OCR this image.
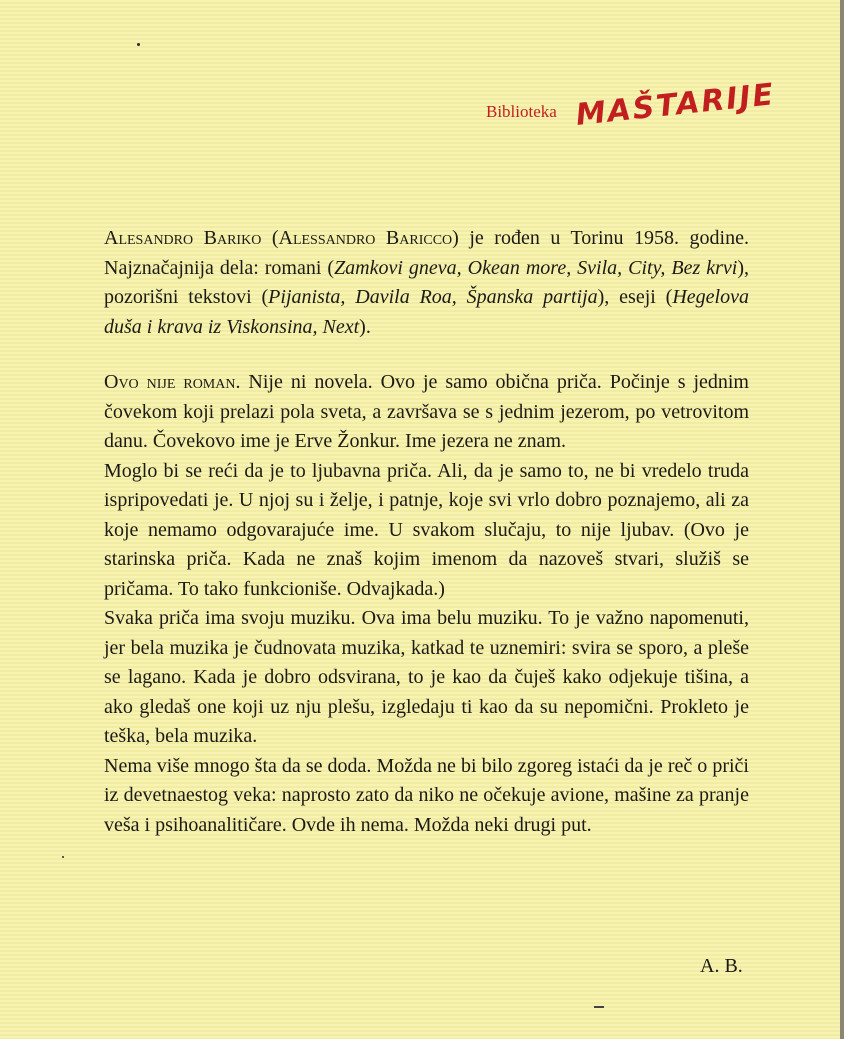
Biblioteka MAŠTARIJE

Alesandro Bariko (Alessandro Baricco) je rođen u Torinu 1958. godine. Najznačajnija dela: romani (Zamkovi gneva, Okean more, Svila, City, Bez krvi), pozorišni tekstovi (Pijanista, Davila Roa, Španska partija), eseji (Hegelova duša i krava iz Viskonsina, Next).

Ovo nije roman. Nije ni novela. Ovo je samo obična priča. Počinje s jednim čovekom koji prelazi pola sveta, a završava se s jednim jezerom, po vetrovitom danu. Čovekovo ime je Erve Žonkur. Ime jezera ne znam.

Moglo bi se reći da je to ljubavna priča. Ali, da je samo to, ne bi vredelo truda ispripovedati je. U njoj su i želje, i patnje, koje svi vrlo dobro poznajemo, ali za koje nemamo odgovarajuće ime. U svakom slučaju, to nije ljubav. (Ovo je starinska priča. Kada ne znaš kojim imenom da nazoveš stvari, služiš se pričama. To tako funkcioniše. Odvajkada.)

Svaka priča ima svoju muziku. Ova ima belu muziku. To je važno napomenuti, jer bela muzika je čudnovata muzika, katkad te uznemiri: svira se sporo, a pleše se lagano. Kada je dobro odsvirana, to je kao da čuješ kako odjekuje tišina, a ako gledaš one koji uz nju plešu, izgledaju ti kao da su nepomični. Prokleto je teška, bela muzika.

Nema više mnogo šta da se doda. Možda ne bi bilo zgoreg istaći da je reč o priči iz devetnaestog veka: naprosto zato da niko ne očekuje avione, mašine za pranje veša i psihoanalitičare. Ovde ih nema. Možda neki drugi put.

A. B.
